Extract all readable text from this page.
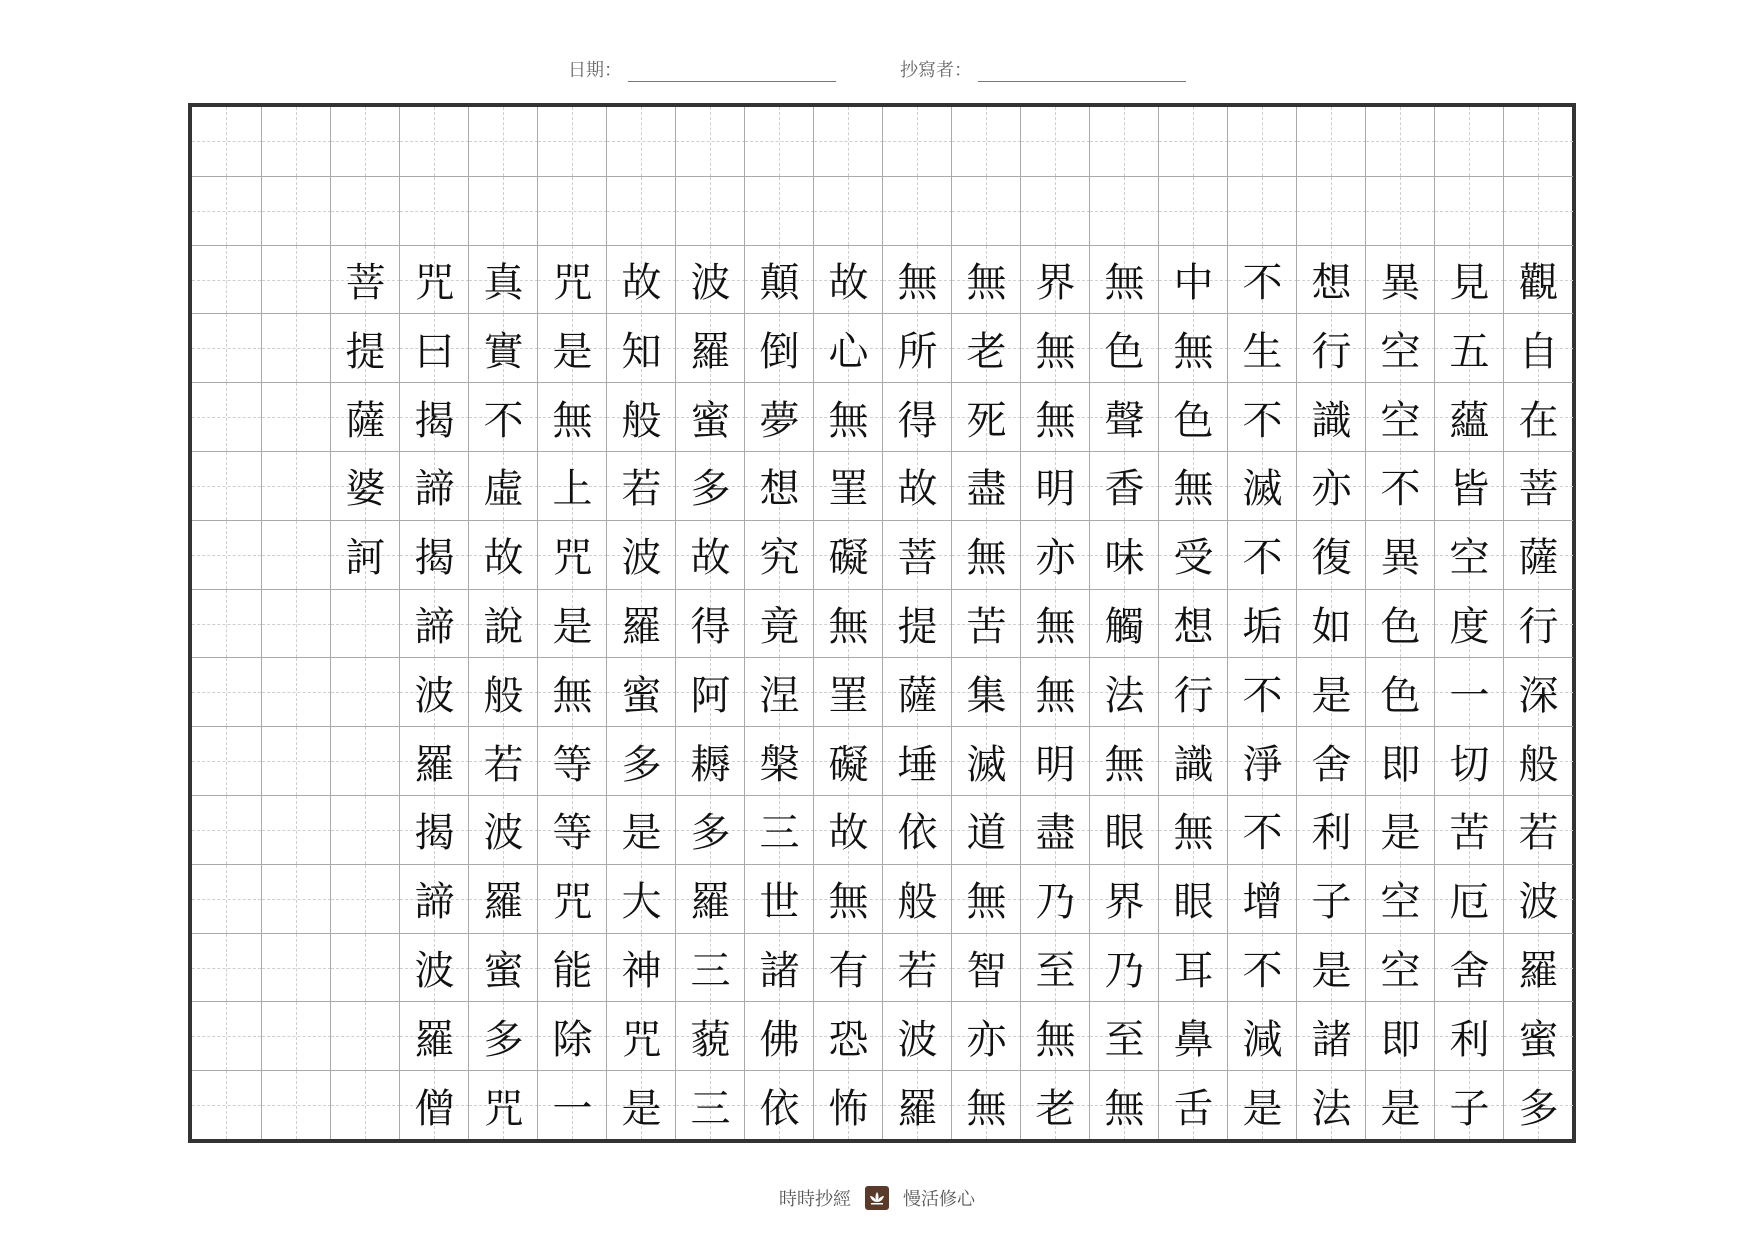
日期：	抄寫者：
菩
提
薩
婆
訶
咒
曰
揭
諦
揭
諦
波
羅
揭
諦
波
羅
僧
真
實
不
虛
故
說
般
若
波
羅
蜜
多
咒
咒
是
無
上
咒
是
無
等
等
咒
能
除
一
故
知
般
若
波
羅
蜜
多
是
大
神
咒
是
波
羅
蜜
多
故
得
阿
耨
多
羅
三
藐
三
顛
倒
夢
想
究
竟
涅
槃
三
世
諸
佛
依
故
心
無
罣
礙
無
罣
礙
故
無
有
恐
怖
無
所
得
故
菩
提
薩
埵
依
般
若
波
羅
無
老
死
盡
無
苦
集
滅
道
無
智
亦
無
界
無
無
明
亦
無
無
明
盡
乃
至
無
老
無
色
聲
香
味
觸
法
無
眼
界
乃
至
無
中
無
色
無
受
想
行
識
無
眼
耳
鼻
舌
不
生
不
滅
不
垢
不
淨
不
增
不
減
是
想
行
識
亦
復
如
是
舍
利
子
是
諸
法
異
空
空
不
異
色
色
即
是
空
空
即
是
見
五
蘊
皆
空
度
一
切
苦
厄
舍
利
子
觀
自
在
菩
薩
行
深
般
若
波
羅
蜜
多
時時抄經	慢活修心
